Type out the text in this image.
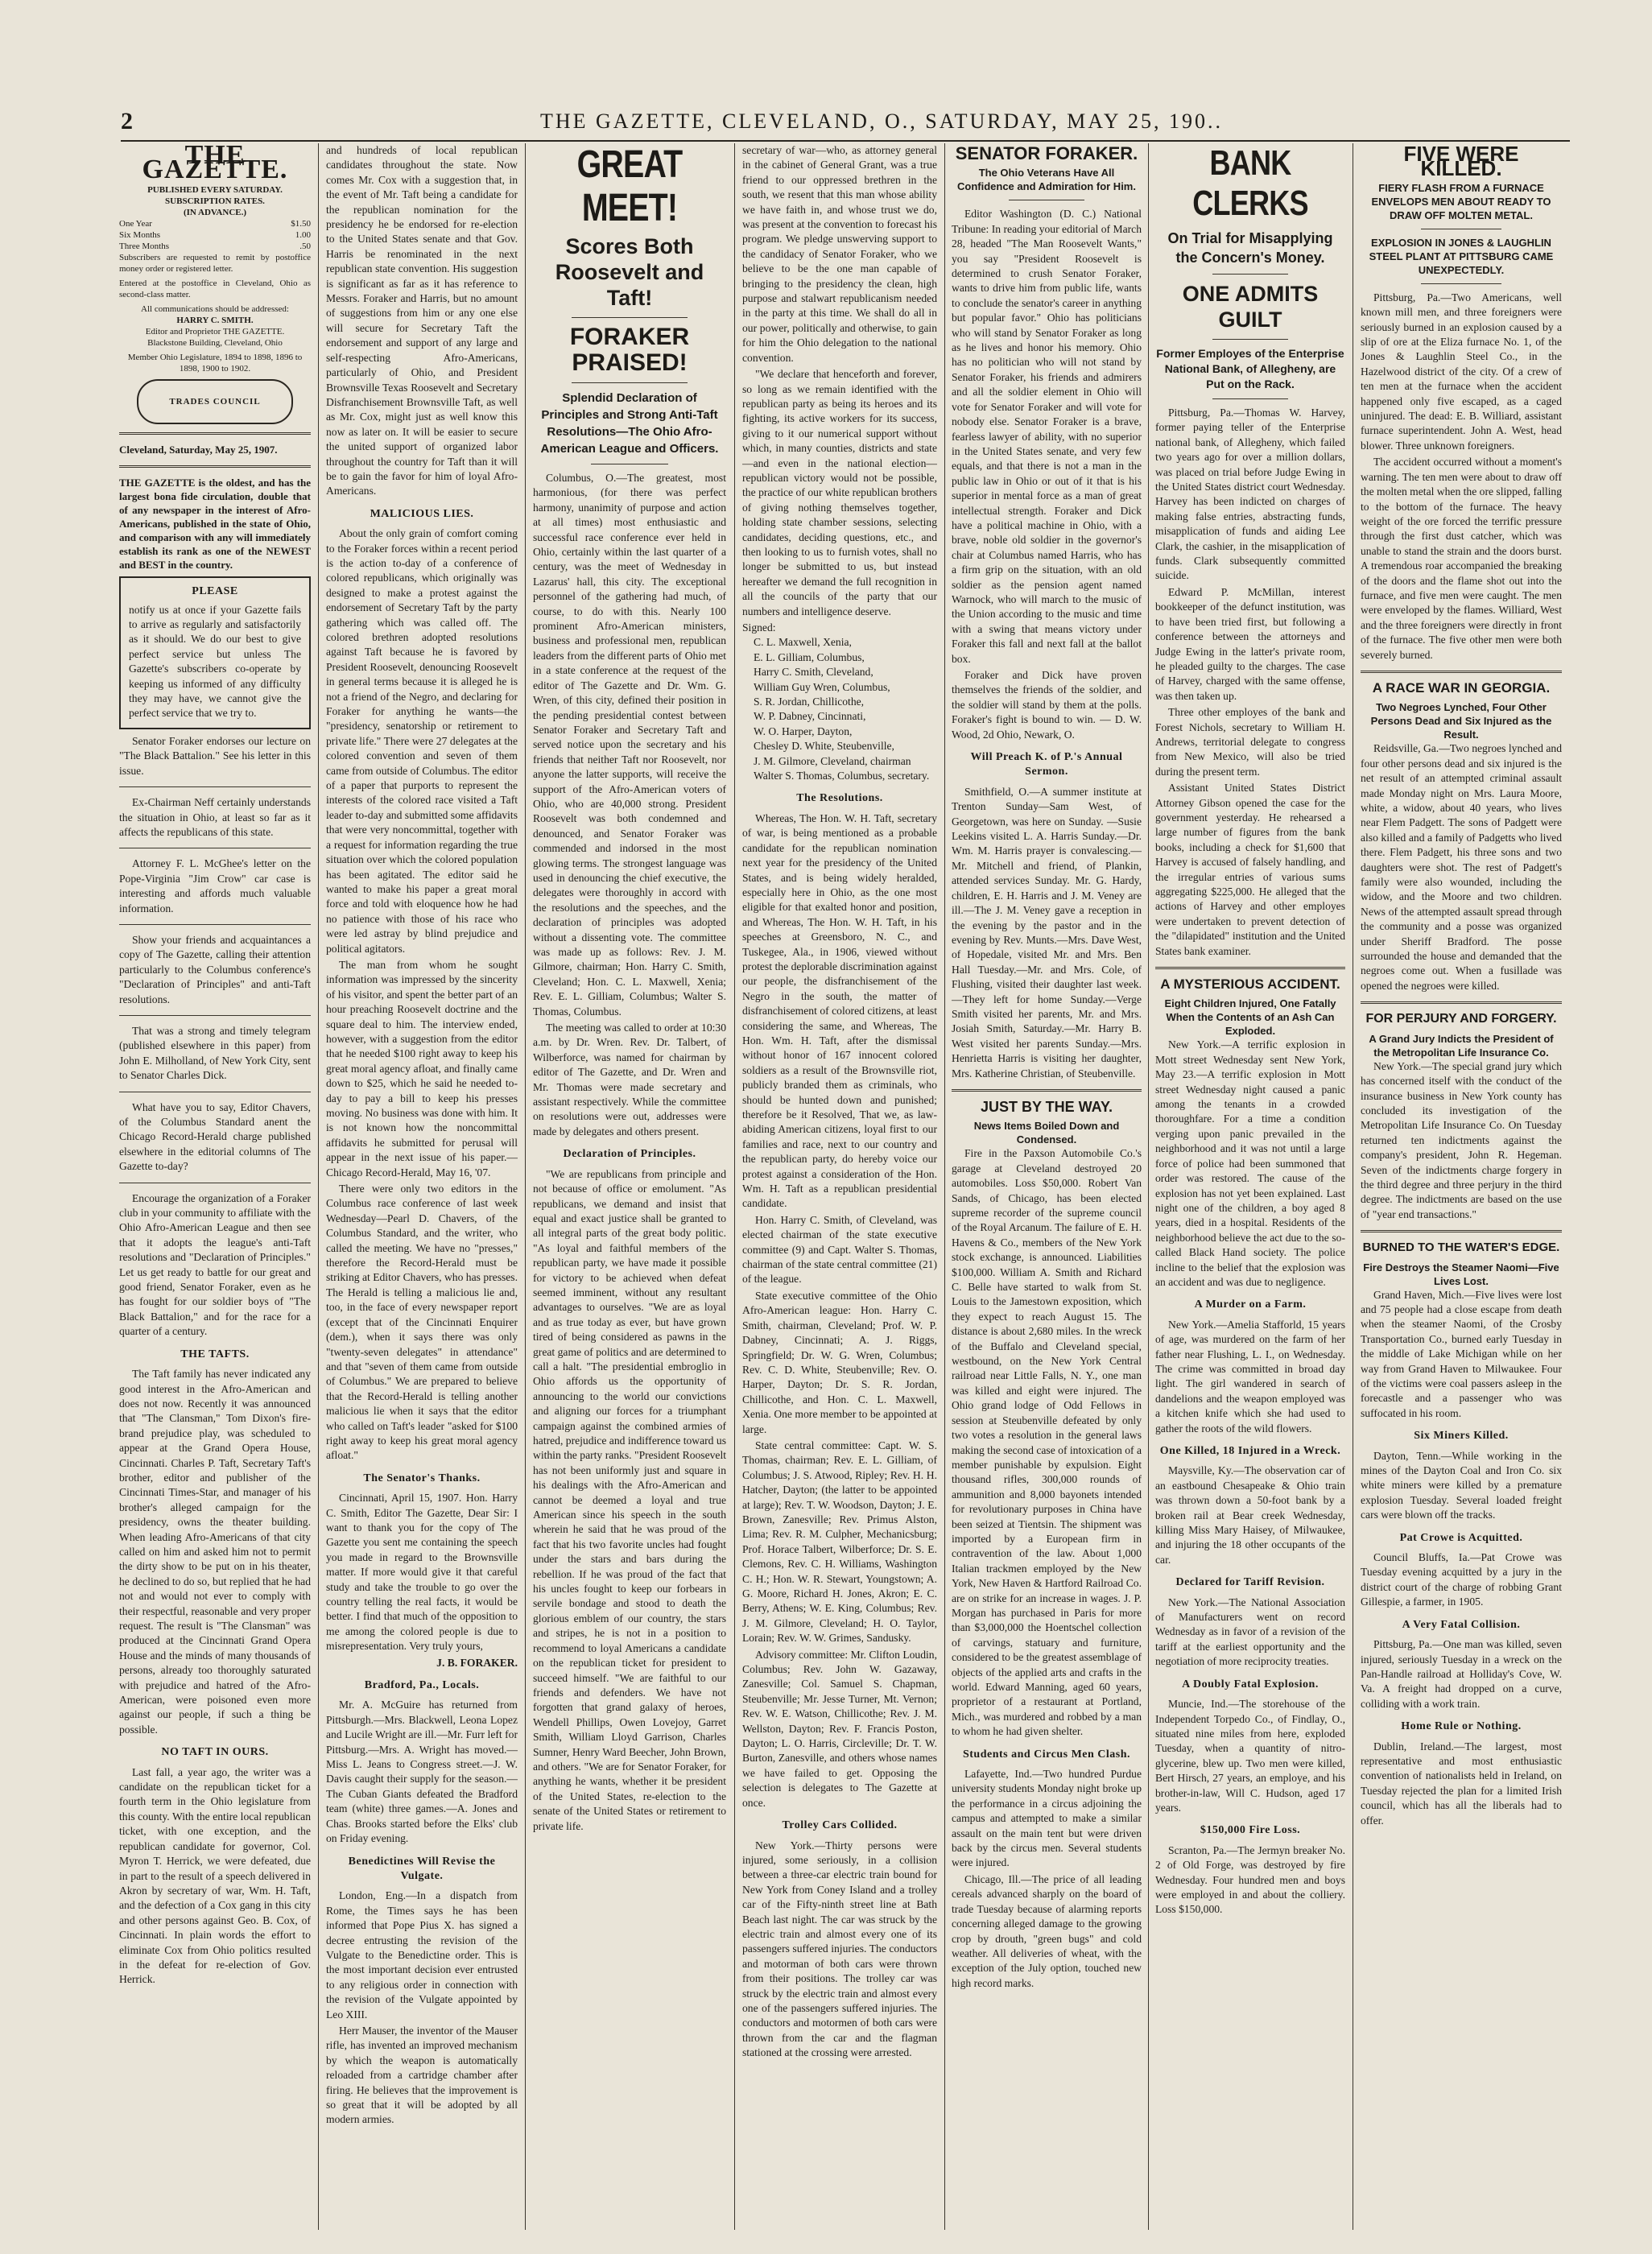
2	THE GAZETTE, CLEVELAND, O., SATURDAY, MAY 25, 190..
THE GAZETTE.
PUBLISHED EVERY SATURDAY.
SUBSCRIPTION RATES.
(IN ADVANCE.)
One Year	$1.50
Six Months	1.00
Three Months	.50
Subscribers are requested to remit by postoffice money order or registered letter.
Entered at the postoffice in Cleveland, Ohio as second-class matter.
All communications should be addressed:
HARRY C. SMITH.
Editor and Proprietor THE GAZETTE.
Blackstone Building, Cleveland, Ohio
Member Ohio Legislature, 1894 to 1898, 1896 to 1898, 1900 to 1902.
TRADES COUNCIL
Cleveland, Saturday, May 25, 1907.
THE GAZETTE is the oldest, and has the largest bona fide circulation, double that of any newspaper in the interest of Afro-Americans, published in the state of Ohio, and comparison with any will immediately establish its rank as one of the NEWEST and BEST in the country.
PLEASE
notify us at once if your Gazette fails to arrive as regularly and satisfactorily as it should. We do our best to give perfect service but unless The Gazette's subscribers co-operate by keeping us informed of any difficulty they may have, we cannot give the perfect service that we try to.

Senator Foraker endorses our lecture on "The Black Battalion." See his letter in this issue.

Ex-Chairman Neff certainly understands the situation in Ohio, at least so far as it affects the republicans of this state.

Attorney F. L. McGhee's letter on the Pope-Virginia "Jim Crow" car case is interesting and affords much valuable information.

Show your friends and acquaintances a copy of The Gazette, calling their attention particularly to the Columbus conference's "Declaration of Principles" and anti-Taft resolutions.

That was a strong and timely telegram (published elsewhere in this paper) from John E. Milholland, of New York City, sent to Senator Charles Dick.

What have you to say, Editor Chavers, of the Columbus Standard anent the Chicago Record-Herald charge published elsewhere in the editorial columns of The Gazette to-day?

Encourage the organization of a Foraker club in your community to affiliate with the Ohio Afro-American League and then see that it adopts the league's anti-Taft resolutions and "Declaration of Principles." Let us get ready to battle for our great and good friend, Senator Foraker, even as he has fought for our soldier boys of "The Black Battalion," and for the race for a quarter of a century.

THE TAFTS.

The Taft family has never indicated any good interest in the Afro-American and does not now. Recently it was announced that "The Clansman," Tom Dixon's fire-brand prejudice play, was scheduled to appear at the Grand Opera House, Cincinnati. Charles P. Taft, Secretary Taft's brother, editor and publisher of the Cincinnati Times-Star, and manager of his brother's alleged campaign for the presidency, owns the theater building. When leading Afro-Americans of that city called on him and asked him not to permit the dirty show to be put on in his theater, he declined to do so, but replied that he had not and would not ever to comply with their respectful, reasonable and very proper request. The result is "The Clansman" was produced at the Cincinnati Grand Opera House and the minds of many thousands of persons, already too thoroughly saturated with prejudice and hatred of the Afro-American, were poisoned even more against our people, if such a thing be possible.

NO TAFT IN OURS.

Last fall, a year ago, the writer was a candidate on the republican ticket for a fourth term in the Ohio legislature from this county. With the entire local republican ticket, with one exception, and the republican candidate for governor, Col. Myron T. Herrick, we were defeated, due in part to the result of a speech delivered in Akron by secretary of war, Wm. H. Taft, and the defection of a Cox gang in this city and other persons against Geo. B. Cox, of Cincinnati. In plain words the effort to eliminate Cox from Ohio politics resulted in the defeat for re-election of Gov. Herrick.

and hundreds of local republican candidates throughout the state. Now comes Mr. Cox with a suggestion that, in the event of Mr. Taft being a candidate for the republican nomination for the presidency he be endorsed for re-election to the United States senate and that Gov. Harris be renominated in the next republican state convention. His suggestion is significant as far as it has reference to Messrs. Foraker and Harris, but no amount of suggestions from him or any one else will secure for Secretary Taft the endorsement and support of any large and self-respecting Afro-Americans, particularly of Ohio, and President Brownsville Texas Roosevelt and Secretary Disfranchisement Brownsville Taft, as well as Mr. Cox, might just as well know this now as later on. It will be easier to secure the united support of organized labor throughout the country for Taft than it will be to gain the favor for him of loyal Afro-Americans.

MALICIOUS LIES.

About the only grain of comfort coming to the Foraker forces within a recent period is the action to-day of a conference of colored republicans, which originally was designed to make a protest against the endorsement of Secretary Taft by the party gathering which was called off. The colored brethren adopted resolutions against Taft because he is favored by President Roosevelt, denouncing Roosevelt in general terms because it is alleged he is not a friend of the Negro, and declaring for Foraker for anything he wants—the "presidency, senatorship or retirement to private life." There were 27 delegates at the colored convention and seven of them came from outside of Columbus. The editor of a paper that purports to represent the interests of the colored race visited a Taft leader to-day and submitted some affidavits that were very noncommittal, together with a request for information regarding the true situation over which the colored population has been agitated. The editor said he wanted to make his paper a great moral force and told with eloquence how he had no patience with those of his race who were led astray by blind prejudice and political agitators.

The man from whom he sought information was impressed by the sincerity of his visitor, and spent the better part of an hour preaching Roosevelt doctrine and the square deal to him. The interview ended, however, with a suggestion from the editor that he needed $100 right away to keep his great moral agency afloat, and finally came down to $25, which he said he needed to-day to pay a bill to keep his presses moving. No business was done with him. It is not known how the noncommittal affidavits he submitted for perusal will appear in the next issue of his paper.—Chicago Record-Herald, May 16, '07.

There were only two editors in the Columbus race conference of last week Wednesday—Pearl D. Chavers, of the Columbus Standard, and the writer, who called the meeting. We have no "presses," therefore the Record-Herald must be striking at Editor Chavers, who has presses. The Herald is telling a malicious lie and, too, in the face of every newspaper report (except that of the Cincinnati Enquirer (dem.), when it says there was only "twenty-seven delegates" in attendance" and that "seven of them came from outside of Columbus." We are prepared to believe that the Record-Herald is telling another malicious lie when it says that the editor who called on Taft's leader "asked for $100 right away to keep his great moral agency afloat."

The Senator's Thanks.

Cincinnati, April 15, 1907. Hon. Harry C. Smith, Editor The Gazette, Dear Sir: I want to thank you for the copy of The Gazette you sent me containing the speech you made in regard to the Brownsville matter. If more would give it that careful study and take the trouble to go over the country telling the real facts, it would be better. I find that much of the opposition to me among the colored people is due to misrepresentation. Very truly yours,

J. B. FORAKER.
Bradford, Pa., Locals.

Mr. A. McGuire has returned from Pittsburgh.—Mrs. Blackwell, Leona Lopez and Lucile Wright are ill.—Mr. Furr left for Pittsburg.—Mrs. A. Wright has moved.—Miss L. Jeans to Congress street.—J. W. Davis caught their supply for the season.—The Cuban Giants defeated the Bradford team (white) three games.—A. Jones and Chas. Brooks started before the Elks' club on Friday evening.

Benedictines Will Revise the Vulgate.

London, Eng.—In a dispatch from Rome, the Times says he has been informed that Pope Pius X. has signed a decree entrusting the revision of the Vulgate to the Benedictine order. This is the most important decision ever entrusted to any religious order in connection with the revision of the Vulgate appointed by Leo XIII.

Herr Mauser, the inventor of the Mauser rifle, has invented an improved mechanism by which the weapon is automatically reloaded from a cartridge chamber after firing. He believes that the improvement is so great that it will be adopted by all modern armies.

GREAT MEET!
Scores Both Roosevelt and Taft!
FORAKER PRAISED!
Splendid Declaration of Principles and Strong Anti-Taft Resolutions—The Ohio Afro-American League and Officers.

Columbus, O.—The greatest, most harmonious, (for there was perfect harmony, unanimity of purpose and action at all times) most enthusiastic and successful race conference ever held in Ohio, certainly within the last quarter of a century, was the meet of Wednesday in Lazarus' hall, this city. The exceptional personnel of the gathering had much, of course, to do with this. Nearly 100 prominent Afro-American ministers, business and professional men, republican leaders from the different parts of Ohio met in a state conference at the request of the editor of The Gazette and Dr. Wm. G. Wren, of this city, defined their position in the pending presidential contest between Senator Foraker and Secretary Taft and served notice upon the secretary and his friends that neither Taft nor Roosevelt, nor anyone the latter supports, will receive the support of the Afro-American voters of Ohio, who are 40,000 strong. President Roosevelt was both condemned and denounced, and Senator Foraker was commended and indorsed in the most glowing terms. The strongest language was used in denouncing the chief executive, the delegates were thoroughly in accord with the resolutions and the speeches, and the declaration of principles was adopted without a dissenting vote. The committee was made up as follows: Rev. J. M. Gilmore, chairman; Hon. Harry C. Smith, Cleveland; Hon. C. L. Maxwell, Xenia; Rev. E. L. Gilliam, Columbus; Walter S. Thomas, Columbus.

The meeting was called to order at 10:30 a.m. by Dr. Wren. Rev. Dr. Talbert, of Wilberforce, was named for chairman by editor of The Gazette, and Dr. Wren and Mr. Thomas were made secretary and assistant respectively. While the committee on resolutions were out, addresses were made by delegates and others present.

Declaration of Principles.

"We are republicans from principle and not because of office or emolument. "As republicans, we demand and insist that equal and exact justice shall be granted to all integral parts of the great body politic. "As loyal and faithful members of the republican party, we have made it possible for victory to be achieved when defeat seemed imminent, without any resultant advantages to ourselves. "We are as loyal and as true today as ever, but have grown tired of being considered as pawns in the great game of politics and are determined to call a halt. "The presidential embroglio in Ohio affords us the opportunity of announcing to the world our convictions and aligning our forces for a triumphant campaign against the combined armies of hatred, prejudice and indifference toward us within the party ranks. "President Roosevelt has not been uniformly just and square in his dealings with the Afro-American and cannot be deemed a loyal and true American since his speech in the south wherein he said that he was proud of the fact that his two favorite uncles had fought under the stars and bars during the rebellion. If he was proud of the fact that his uncles fought to keep our forbears in servile bondage and stood to death the glorious emblem of our country, the stars and stripes, he is not in a position to recommend to loyal Americans a candidate on the republican ticket for president to succeed himself. "We are faithful to our friends and defenders. We have not forgotten that grand galaxy of heroes, Wendell Phillips, Owen Lovejoy, Garret Smith, William Lloyd Garrison, Charles Sumner, Henry Ward Beecher, John Brown, and others. "We are for Senator Foraker, for anything he wants, whether it be president of the United States, re-election to the senate of the United States or retirement to private life.

secretary of war—who, as attorney general in the cabinet of General Grant, was a true friend to our oppressed brethren in the south, we resent that this man whose ability we have faith in, and whose trust we do, was present at the convention to forecast his program. We pledge unswerving support to the candidacy of Senator Foraker, who we believe to be the one man capable of bringing to the presidency the clean, high purpose and stalwart republicanism needed in the party at this time. We shall do all in our power, politically and otherwise, to gain for him the Ohio delegation to the national convention.

"We declare that henceforth and forever, so long as we remain identified with the republican party as being its heroes and its fighting, its active workers for its success, giving to it our numerical support without which, in many counties, districts and state—and even in the national election—republican victory would not be possible, the practice of our white republican brothers of giving nothing themselves together, holding state chamber sessions, selecting candidates, deciding questions, etc., and then looking to us to furnish votes, shall no longer be submitted to us, but instead hereafter we demand the full recognition in all the councils of the party that our numbers and intelligence deserve.

Signed:
C. L. Maxwell, Xenia,
E. L. Gilliam, Columbus,
Harry C. Smith, Cleveland,
William Guy Wren, Columbus,
S. R. Jordan, Chillicothe,
W. P. Dabney, Cincinnati,
W. O. Harper, Dayton,
Chesley D. White, Steubenville,
J. M. Gilmore, Cleveland, chairman
Walter S. Thomas, Columbus, secretary.
The Resolutions.

Whereas, The Hon. W. H. Taft, secretary of war, is being mentioned as a probable candidate for the republican nomination next year for the presidency of the United States, and is being widely heralded, especially here in Ohio, as the one most eligible for that exalted honor and position, and Whereas, The Hon. W. H. Taft, in his speeches at Greensboro, N. C., and Tuskegee, Ala., in 1906, viewed without protest the deplorable discrimination against our people, the disfranchisement of the Negro in the south, the matter of disfranchisement of colored citizens, at least considering the same, and Whereas, The Hon. Wm. H. Taft, after the dismissal without honor of 167 innocent colored soldiers as a result of the Brownsville riot, publicly branded them as criminals, who should be hunted down and punished; therefore be it Resolved, That we, as law-abiding American citizens, loyal first to our families and race, next to our country and the republican party, do hereby voice our protest against a consideration of the Hon. Wm. H. Taft as a republican presidential candidate.

Hon. Harry C. Smith, of Cleveland, was elected chairman of the state executive committee (9) and Capt. Walter S. Thomas, chairman of the state central committee (21) of the league.

State executive committee of the Ohio Afro-American league: Hon. Harry C. Smith, chairman, Cleveland; Prof. W. P. Dabney, Cincinnati; A. J. Riggs, Springfield; Dr. W. G. Wren, Columbus; Rev. C. D. White, Steubenville; Rev. O. Harper, Dayton; Dr. S. R. Jordan, Chillicothe, and Hon. C. L. Maxwell, Xenia. One more member to be appointed at large.

State central committee: Capt. W. S. Thomas, chairman; Rev. E. L. Gilliam, of Columbus; J. S. Atwood, Ripley; Rev. H. H. Hatcher, Dayton; (the latter to be appointed at large); Rev. T. W. Woodson, Dayton; J. E. Brown, Zanesville; Rev. Primus Alston, Lima; Rev. R. M. Culpher, Mechanicsburg; Prof. Horace Talbert, Wilberforce; Dr. S. E. Clemons, Rev. C. H. Williams, Washington C. H.; Hon. W. R. Stewart, Youngstown; A. G. Moore, Richard H. Jones, Akron; E. C. Berry, Athens; W. E. King, Columbus; Rev. J. M. Gilmore, Cleveland; H. O. Taylor, Lorain; Rev. W. W. Grimes, Sandusky.

Advisory committee: Mr. Clifton Loudin, Columbus; Rev. John W. Gazaway, Zanesville; Col. Samuel S. Chapman, Steubenville; Mr. Jesse Turner, Mt. Vernon; Rev. W. E. Watson, Chillicothe; Rev. J. M. Wellston, Dayton; Rev. F. Francis Poston, Dayton; L. O. Harris, Circleville; Dr. T. W. Burton, Zanesville, and others whose names we have failed to get. Opposing the selection is delegates to The Gazette at once.

Trolley Cars Collided.

New York.—Thirty persons were injured, some seriously, in a collision between a three-car electric train bound for New York from Coney Island and a trolley car of the Fifty-ninth street line at Bath Beach last night. The car was struck by the electric train and almost every one of its passengers suffered injuries. The conductors and motorman of both cars were thrown from their positions. The trolley car was struck by the electric train and almost every one of the passengers suffered injuries. The conductors and motormen of both cars were thrown from the car and the flagman stationed at the crossing were arrested.

SENATOR FORAKER.
The Ohio Veterans Have All Confidence and Admiration for Him.

Editor Washington (D. C.) National Tribune: In reading your editorial of March 28, headed "The Man Roosevelt Wants," you say "President Roosevelt is determined to crush Senator Foraker, wants to drive him from public life, wants to conclude the senator's career in anything but popular favor." Ohio has politicians who will stand by Senator Foraker as long as he lives and honor his memory. Ohio has no politician who will not stand by Senator Foraker, his friends and admirers and all the soldier element in Ohio will vote for Senator Foraker and will vote for nobody else. Senator Foraker is a brave, fearless lawyer of ability, with no superior in the United States senate, and very few equals, and that there is not a man in the public law in Ohio or out of it that is his superior in mental force as a man of great intellectual strength. Foraker and Dick have a political machine in Ohio, with a brave, noble old soldier in the governor's chair at Columbus named Harris, who has a firm grip on the situation, with an old soldier as the pension agent named Warnock, who will march to the music of the Union according to the music and time with a swing that means victory under Foraker this fall and next fall at the ballot box.

Foraker and Dick have proven themselves the friends of the soldier, and the soldier will stand by them at the polls. Foraker's fight is bound to win. — D. W. Wood, 2d Ohio, Newark, O.

Will Preach K. of P.'s Annual Sermon.

Smithfield, O.—A summer institute at Trenton Sunday—Sam West, of Georgetown, was here on Sunday. —Susie Leekins visited L. A. Harris Sunday.—Dr. Wm. M. Harris prayer is convalescing.—Mr. Mitchell and friend, of Plankin, attended services Sunday. Mr. G. Hardy, children, E. H. Harris and J. M. Veney are ill.—The J. M. Veney gave a reception in the evening by the pastor and in the evening by Rev. Munts.—Mrs. Dave West, of Hopedale, visited Mr. and Mrs. Ben Hall Tuesday.—Mr. and Mrs. Cole, of Flushing, visited their daughter last week.—They left for home Sunday.—Verge Smith visited her parents, Mr. and Mrs. Josiah Smith, Saturday.—Mr. Harry B. West visited her parents Sunday.—Mrs. Henrietta Harris is visiting her daughter, Mrs. Katherine Christian, of Steubenville.

JUST BY THE WAY.
News Items Boiled Down and Condensed.

Fire in the Paxson Automobile Co.'s garage at Cleveland destroyed 20 automobiles. Loss $50,000. Robert Van Sands, of Chicago, has been elected supreme recorder of the supreme council of the Royal Arcanum. The failure of E. H. Havens & Co., members of the New York stock exchange, is announced. Liabilities $100,000. William A. Smith and Richard C. Belle have started to walk from St. Louis to the Jamestown exposition, which they expect to reach August 15. The distance is about 2,680 miles. In the wreck of the Buffalo and Cleveland special, westbound, on the New York Central railroad near Little Falls, N. Y., one man was killed and eight were injured. The Ohio grand lodge of Odd Fellows in session at Steubenville defeated by only two votes a resolution in the general laws making the second case of intoxication of a member punishable by expulsion. Eight thousand rifles, 300,000 rounds of ammunition and 8,000 bayonets intended for revolutionary purposes in China have been seized at Tientsin. The shipment was imported by a European firm in contravention of the law. About 1,000 Italian trackmen employed by the New York, New Haven & Hartford Railroad Co. are on strike for an increase in wages. J. P. Morgan has purchased in Paris for more than $3,000,000 the Hoentschel collection of carvings, statuary and furniture, considered to be the greatest assemblage of objects of the applied arts and crafts in the world. Edward Manning, aged 60 years, proprietor of a restaurant at Portland, Mich., was murdered and robbed by a man to whom he had given shelter.

Students and Circus Men Clash.

Lafayette, Ind.—Two hundred Purdue university students Monday night broke up the performance in a circus adjoining the campus and attempted to make a similar assault on the main tent but were driven back by the circus men. Several students were injured.

Chicago, Ill.—The price of all leading cereals advanced sharply on the board of trade Tuesday because of alarming reports concerning alleged damage to the growing crop by drouth, "green bugs" and cold weather. All deliveries of wheat, with the exception of the July option, touched new high record marks.

BANK CLERKS
On Trial for Misapplying the Concern's Money.
ONE ADMITS GUILT
Former Employes of the Enterprise National Bank, of Allegheny, are Put on the Rack.

Pittsburg, Pa.—Thomas W. Harvey, former paying teller of the Enterprise national bank, of Allegheny, which failed two years ago for over a million dollars, was placed on trial before Judge Ewing in the United States district court Wednesday. Harvey has been indicted on charges of making false entries, abstracting funds, misapplication of funds and aiding Lee Clark, the cashier, in the misapplication of funds. Clark subsequently committed suicide.

Edward P. McMillan, interest bookkeeper of the defunct institution, was to have been tried first, but following a conference between the attorneys and Judge Ewing in the latter's private room, he pleaded guilty to the charges. The case of Harvey, charged with the same offense, was then taken up.

Three other employes of the bank and Forest Nichols, secretary to William H. Andrews, territorial delegate to congress from New Mexico, will also be tried during the present term.

Assistant United States District Attorney Gibson opened the case for the government yesterday. He rehearsed a large number of figures from the bank books, including a check for $1,600 that Harvey is accused of falsely handling, and the irregular entries of various sums aggregating $225,000. He alleged that the actions of Harvey and other employes were undertaken to prevent detection of the "dilapidated" institution and the United States bank examiner.

A MYSTERIOUS ACCIDENT.
Eight Children Injured, One Fatally When the Contents of an Ash Can Exploded.

New York.—A terrific explosion in Mott street Wednesday sent New York, May 23.—A terrific explosion in Mott street Wednesday night caused a panic among the tenants in a crowded thoroughfare. For a time a condition verging upon panic prevailed in the neighborhood and it was not until a large force of police had been summoned that order was restored. The cause of the explosion has not yet been explained. Last night one of the children, a boy aged 8 years, died in a hospital. Residents of the neighborhood believe the act due to the so-called Black Hand society. The police incline to the belief that the explosion was an accident and was due to negligence.

A Murder on a Farm.

New York.—Amelia Stafforld, 15 years of age, was murdered on the farm of her father near Flushing, L. I., on Wednesday. The crime was committed in broad day light. The girl wandered in search of dandelions and the weapon employed was a kitchen knife which she had used to gather the roots of the wild flowers.

One Killed, 18 Injured in a Wreck.

Maysville, Ky.—The observation car of an eastbound Chesapeake & Ohio train was thrown down a 50-foot bank by a broken rail at Bear creek Wednesday, killing Miss Mary Haisey, of Milwaukee, and injuring the 18 other occupants of the car.

Declared for Tariff Revision.

New York.—The National Association of Manufacturers went on record Wednesday as in favor of a revision of the tariff at the earliest opportunity and the negotiation of more reciprocity treaties.

A Doubly Fatal Explosion.

Muncie, Ind.—The storehouse of the Independent Torpedo Co., of Findlay, O., situated nine miles from here, exploded Tuesday, when a quantity of nitro-glycerine, blew up. Two men were killed, Bert Hirsch, 27 years, an employe, and his brother-in-law, Will C. Hudson, aged 17 years.

$150,000 Fire Loss.

Scranton, Pa.—The Jermyn breaker No. 2 of Old Forge, was destroyed by fire Wednesday. Four hundred men and boys were employed in and about the colliery. Loss $150,000.

FIVE WERE KILLED.
FIERY FLASH FROM A FURNACE ENVELOPS MEN ABOUT READY TO DRAW OFF MOLTEN METAL.
EXPLOSION IN JONES & LAUGHLIN STEEL PLANT AT PITTSBURG CAME UNEXPECTEDLY.

Pittsburg, Pa.—Two Americans, well known mill men, and three foreigners were seriously burned in an explosion caused by a slip of ore at the Eliza furnace No. 1, of the Jones & Laughlin Steel Co., in the Hazelwood district of the city. Of a crew of ten men at the furnace when the accident happened only five escaped, as a caged uninjured. The dead: E. B. Williard, assistant furnace superintendent. John A. West, head blower. Three unknown foreigners.

The accident occurred without a moment's warning. The ten men were about to draw off the molten metal when the ore slipped, falling to the bottom of the furnace. The heavy weight of the ore forced the terrific pressure through the first dust catcher, which was unable to stand the strain and the doors burst. A tremendous roar accompanied the breaking of the doors and the flame shot out into the furnace, and five men were caught. The men were enveloped by the flames. Williard, West and the three foreigners were directly in front of the furnace. The five other men were both severely burned.

A RACE WAR IN GEORGIA.
Two Negroes Lynched, Four Other Persons Dead and Six Injured as the Result.

Reidsville, Ga.—Two negroes lynched and four other persons dead and six injured is the net result of an attempted criminal assault made Monday night on Mrs. Laura Moore, white, a widow, about 40 years, who lives near Flem Padgett. The sons of Padgett were also killed and a family of Padgetts who lived there. Flem Padgett, his three sons and two daughters were shot. The rest of Padgett's family were also wounded, including the widow, and the Moore and two children. News of the attempted assault spread through the community and a posse was organized under Sheriff Bradford. The posse surrounded the house and demanded that the negroes come out. When a fusillade was opened the negroes were killed.

FOR PERJURY AND FORGERY.
A Grand Jury Indicts the President of the Metropolitan Life Insurance Co.

New York.—The special grand jury which has concerned itself with the conduct of the insurance business in New York county has concluded its investigation of the Metropolitan Life Insurance Co. On Tuesday returned ten indictments against the company's president, John R. Hegeman. Seven of the indictments charge forgery in the third degree and three perjury in the third degree. The indictments are based on the use of "year end transactions."

BURNED TO THE WATER'S EDGE.
Fire Destroys the Steamer Naomi—Five Lives Lost.

Grand Haven, Mich.—Five lives were lost and 75 people had a close escape from death when the steamer Naomi, of the Crosby Transportation Co., burned early Tuesday in the middle of Lake Michigan while on her way from Grand Haven to Milwaukee. Four of the victims were coal passers asleep in the forecastle and a passenger who was suffocated in his room.

Six Miners Killed.

Dayton, Tenn.—While working in the mines of the Dayton Coal and Iron Co. six white miners were killed by a premature explosion Tuesday. Several loaded freight cars were blown off the tracks.

Pat Crowe is Acquitted.

Council Bluffs, Ia.—Pat Crowe was Tuesday evening acquitted by a jury in the district court of the charge of robbing Grant Gillespie, a farmer, in 1905.

A Very Fatal Collision.

Pittsburg, Pa.—One man was killed, seven injured, seriously Tuesday in a wreck on the Pan-Handle railroad at Holliday's Cove, W. Va. A freight had dropped on a curve, colliding with a work train.

Home Rule or Nothing.

Dublin, Ireland.—The largest, most representative and most enthusiastic convention of nationalists held in Ireland, on Tuesday rejected the plan for a limited Irish council, which has all the liberals had to offer.
